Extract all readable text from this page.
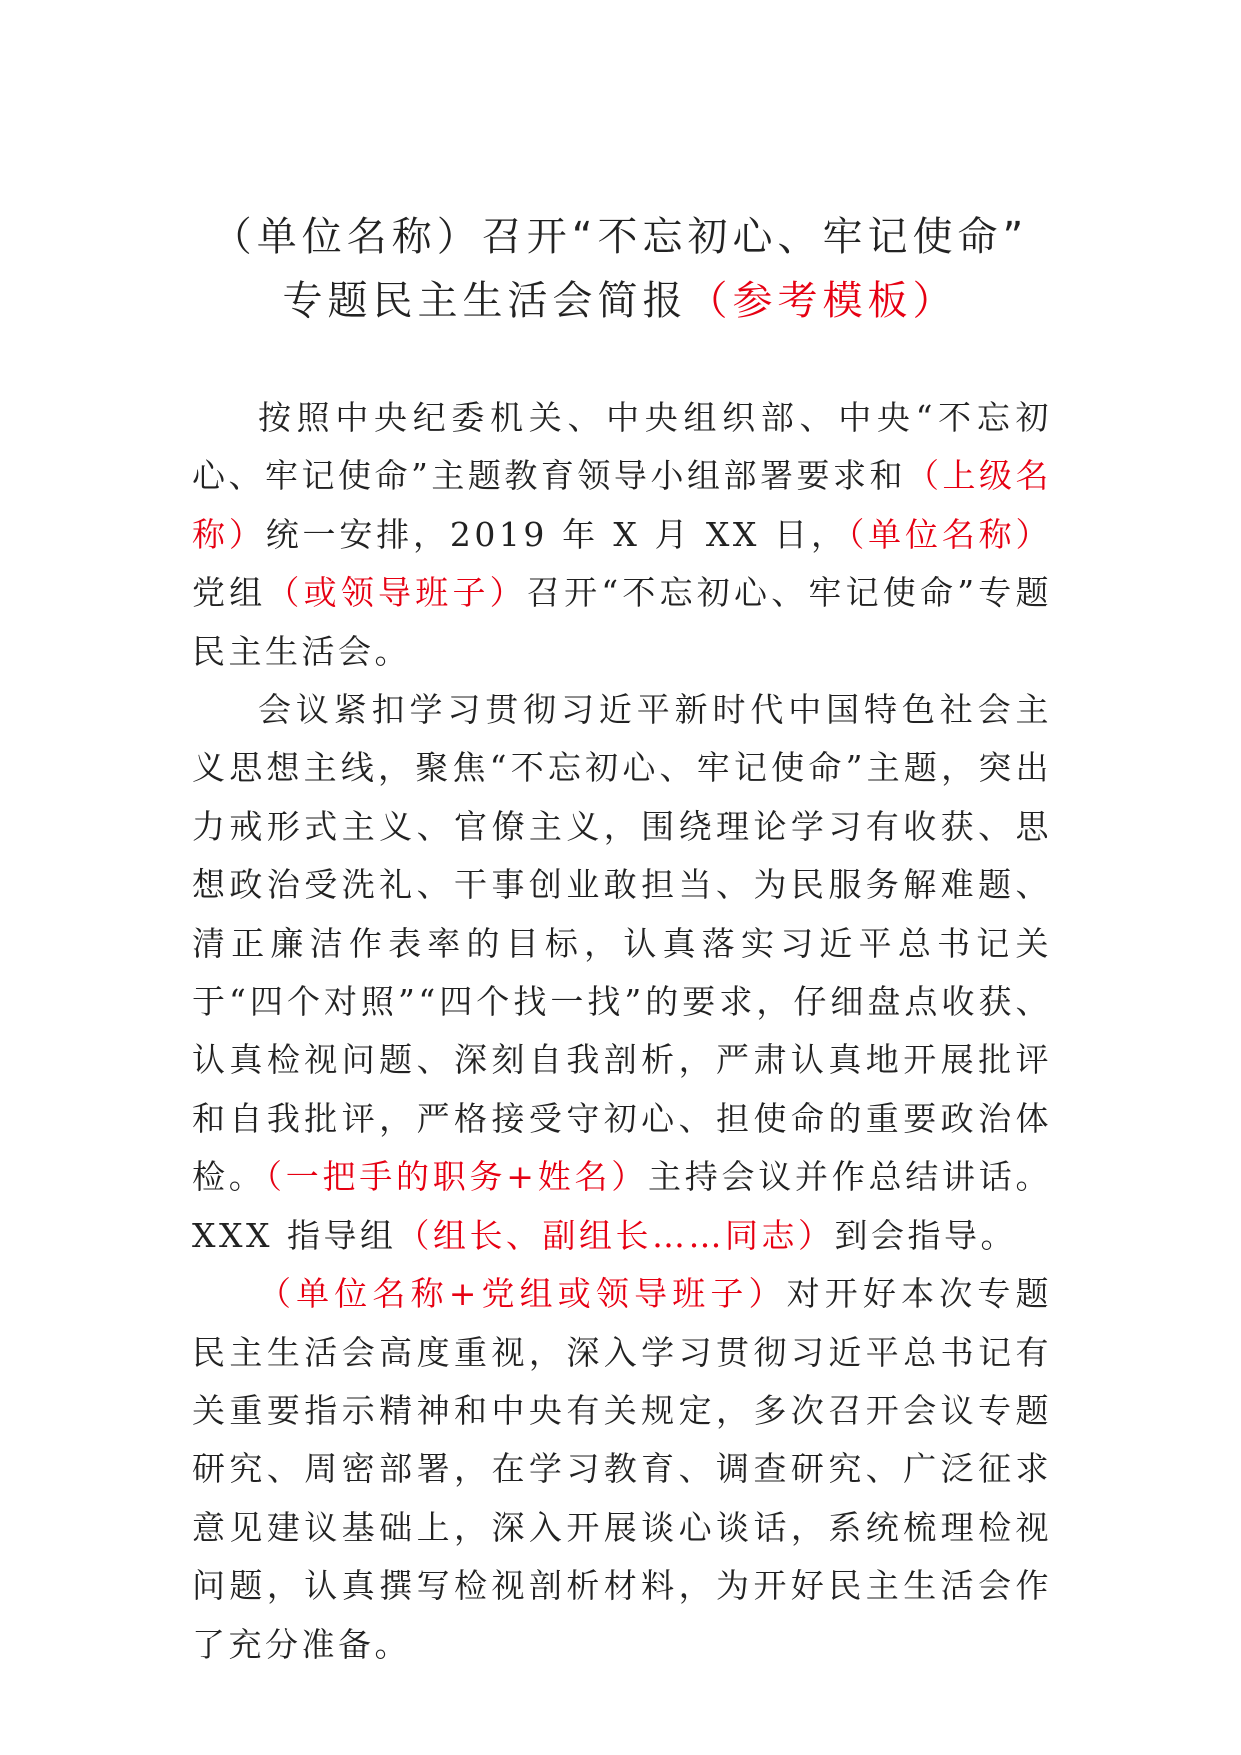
（单位名称）召开“不忘初心、牢记使命”
专题民主生活会简报（参考模板）

按照中央纪委机关、中央组织部、中央“不忘初心、牢记使命”主题教育领导小组部署要求和（上级名称）统一安排，2019 年 X 月 XX 日，（单位名称）党组（或领导班子）召开“不忘初心、牢记使命”专题民主生活会。

会议紧扣学习贯彻习近平新时代中国特色社会主义思想主线，聚焦“不忘初心、牢记使命”主题，突出力戒形式主义、官僚主义，围绕理论学习有收获、思想政治受洗礼、干事创业敢担当、为民服务解难题、清正廉洁作表率的目标，认真落实习近平总书记关于“四个对照”“四个找一找”的要求，仔细盘点收获、认真检视问题、深刻自我剖析，严肃认真地开展批评和自我批评，严格接受守初心、担使命的重要政治体检。（一把手的职务+姓名）主持会议并作总结讲话。XXX 指导组（组长、副组长……同志）到会指导。

（单位名称+党组或领导班子）对开好本次专题民主生活会高度重视，深入学习贯彻习近平总书记有关重要指示精神和中央有关规定，多次召开会议专题研究、周密部署，在学习教育、调查研究、广泛征求意见建议基础上，深入开展谈心谈话，系统梳理检视问题，认真撰写检视剖析材料，为开好民主生活会作了充分准备。
